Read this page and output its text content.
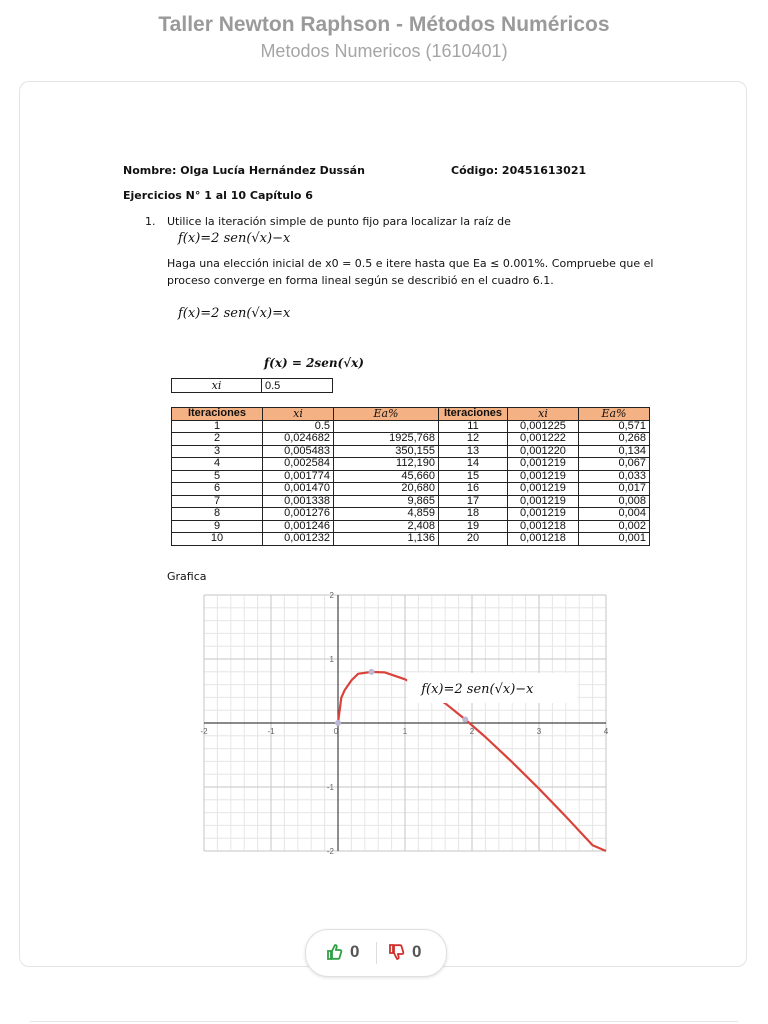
Taller Newton Raphson - Métodos Numéricos

Metodos Numericos (1610401)

Nombre: Olga Lucía Hernández Dussán	Código: 20451613021
Ejercicios N° 1 al 10 Capítulo 6
1. Utilice la iteración simple de punto fijo para localizar la raíz de
f(x)=2 sen(√x)−x
Haga una elección inicial de x0 = 0.5 e itere hasta que Ea ≤ 0.001%. Compruebe que el
proceso converge en forma lineal según se describió en el cuadro 6.1.
f(x)=2 sen(√x)=x
f(x) = 2sen(√x)
xi	0.5
Iteraciones	xi	Ea%	Iteraciones	xi	Ea%
1	0.5		11	0,001225	0,571
2	0,024682	1925,768	12	0,001222	0,268
3	0,005483	350,155	13	0,001220	0,134
4	0,002584	112,190	14	0,001219	0,067
5	0,001774	45,660	15	0,001219	0,033
6	0,001470	20,680	16	0,001219	0,017
7	0,001338	9,865	17	0,001219	0,008
8	0,001276	4,859	18	0,001219	0,004
9	0,001246	2,408	19	0,001218	0,002
10	0,001232	1,136	20	0,001218	0,001
Grafica
-2	-1	0	1	2	3	4
2
1
-1
-2
f(x)=2 sen(√x)−x
0	0
